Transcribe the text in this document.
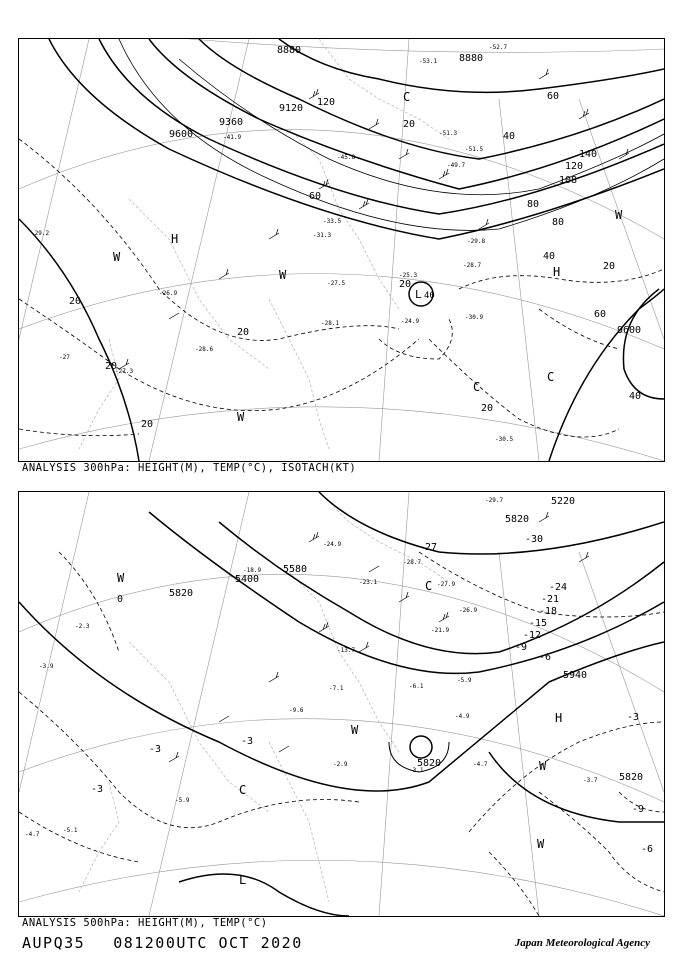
8880
8880
9120
9360
9600
9600
120
140
120
108
80
60
40
20
60
80
40
20
20
20
20
20
60
40
20
20
H
H
L
W
W
W
W
C
C
C
40
-52.7
-53.1
-51.3
-51.5
-49.7
-45.8
-41.9
-33.5
-31.3
-29.8
-28.7
-27.5
-25.3
-24.9
-30.9
-30.5
-28.1
-28.6
-27.3
-27
-26.9
-29.2
ANALYSIS 300hPa: HEIGHT(M), TEMP(°C), ISOTACH(KT)
5220
5400
5580
5820
5820
5940
5820
5820
-30
-27
-24
-21
-18
-15
-12
-9
-6
-3
-3
-3
-3
-6
-9
0
H
L
W
W
W
W
C
C
-29.7
-28.7
-27.9
-26.9
-24.9
-23.1
-21.9
-18.9
-13.7
-9.6
-7.1	-6.1
-5.9
-4.9
-3.1
-4.7
-3.7
-2.9
-2.3
-3.9
-4.7
-5.1
-5.9
ANALYSIS 500hPa: HEIGHT(M), TEMP(°C)
AUPQ35 081200UTC OCT 2020	Japan Meteorological Agency
